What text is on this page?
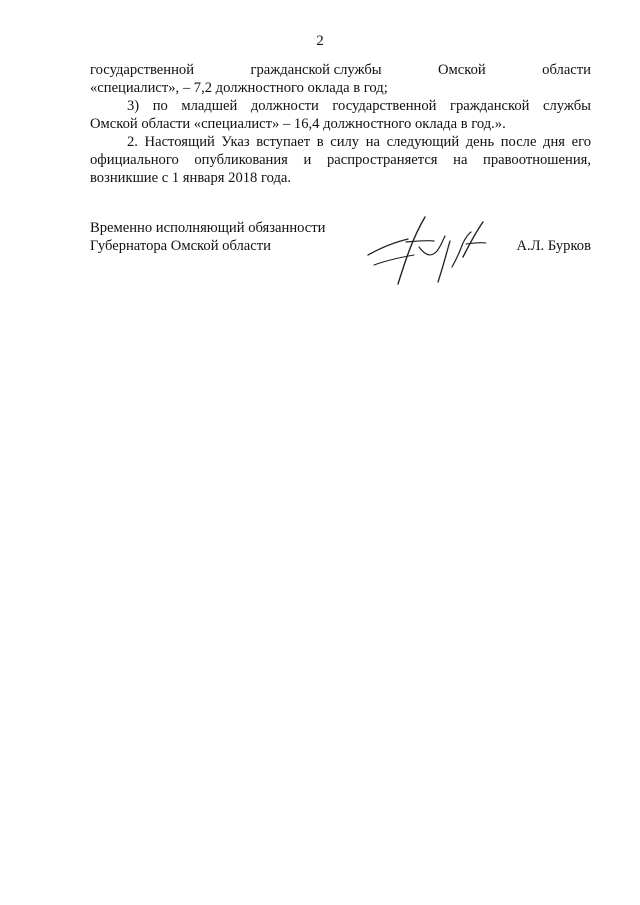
2
государственной	гражданской службы	Омской	области
«специалист», – 7,2 должностного оклада в год;
3) по младшей должности государственной гражданской службы
Омской области «специалист» – 16,4 должностного оклада в год.».
2. Настоящий Указ вступает в силу на следующий день после дня его
официального опубликования и распространяется на правоотношения,
возникшие с 1 января 2018 года.
Временно исполняющий обязанности
Губернатора Омской области	А.Л. Бурков
